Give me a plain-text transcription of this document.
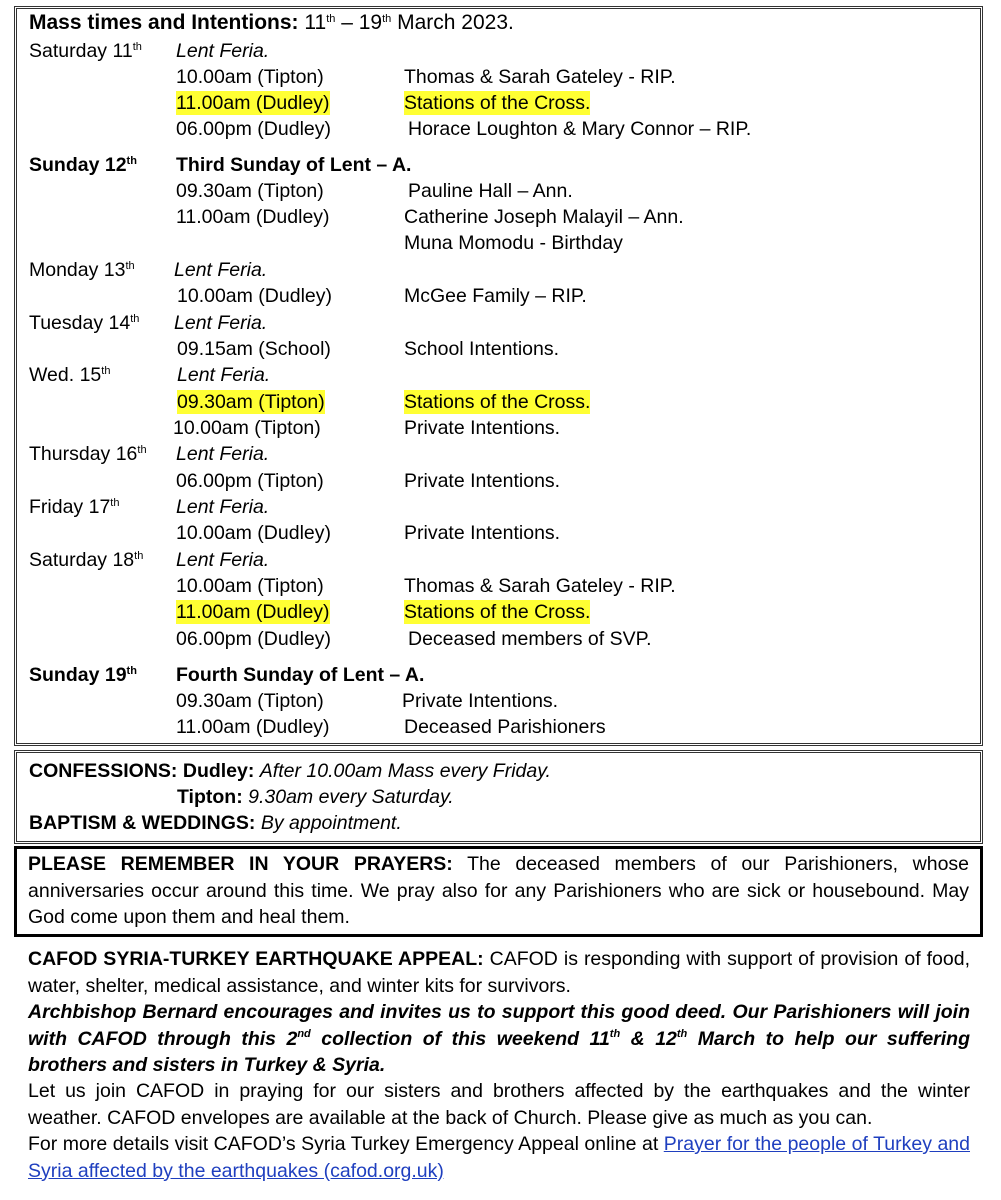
Mass times and Intentions: 11th – 19th March 2023.
Saturday 11th Lent Feria.
10.00am (Tipton)	Thomas & Sarah Gateley - RIP.
11.00am (Dudley)	Stations of the Cross.
06.00pm (Dudley)	Horace Loughton & Mary Connor – RIP.
Sunday 12th Third Sunday of Lent – A.
09.30am (Tipton)	Pauline Hall – Ann.
11.00am (Dudley)	Catherine Joseph Malayil – Ann.
Muna Momodu - Birthday
Monday 13th Lent Feria.
10.00am (Dudley)	McGee Family – RIP.
Tuesday 14th Lent Feria.
09.15am (School)	School Intentions.
Wed. 15th	Lent Feria.
09.30am (Tipton)	Stations of the Cross.
10.00am (Tipton)	Private Intentions.
Thursday 16th Lent Feria.
06.00pm (Tipton)	Private Intentions.
Friday 17th	Lent Feria.
10.00am (Dudley)	Private Intentions.
Saturday 18th Lent Feria.
10.00am (Tipton)	Thomas & Sarah Gateley - RIP.
11.00am (Dudley)	Stations of the Cross.
06.00pm (Dudley)	Deceased members of SVP.
Sunday 19th Fourth Sunday of Lent – A.
09.30am (Tipton)	Private Intentions.
11.00am (Dudley)	Deceased Parishioners
CONFESSIONS: Dudley: After 10.00am Mass every Friday.
Tipton: 9.30am every Saturday.
BAPTISM & WEDDINGS: By appointment.

PLEASE REMEMBER IN YOUR PRAYERS: The deceased members of our Parishioners, whose anniversaries occur around this time. We pray also for any Parishioners who are sick or housebound. May God come upon them and heal them.

CAFOD SYRIA-TURKEY EARTHQUAKE APPEAL: CAFOD is responding with support of provision of food, water, shelter, medical assistance, and winter kits for survivors.

Archbishop Bernard encourages and invites us to support this good deed. Our Parishioners will join with CAFOD through this 2nd collection of this weekend 11th & 12th March to help our suffering brothers and sisters in Turkey & Syria.

Let us join CAFOD in praying for our sisters and brothers affected by the earthquakes and the winter weather. CAFOD envelopes are available at the back of Church. Please give as much as you can.

For more details visit CAFOD’s Syria Turkey Emergency Appeal online at Prayer for the people of Turkey and Syria affected by the earthquakes (cafod.org.uk)
